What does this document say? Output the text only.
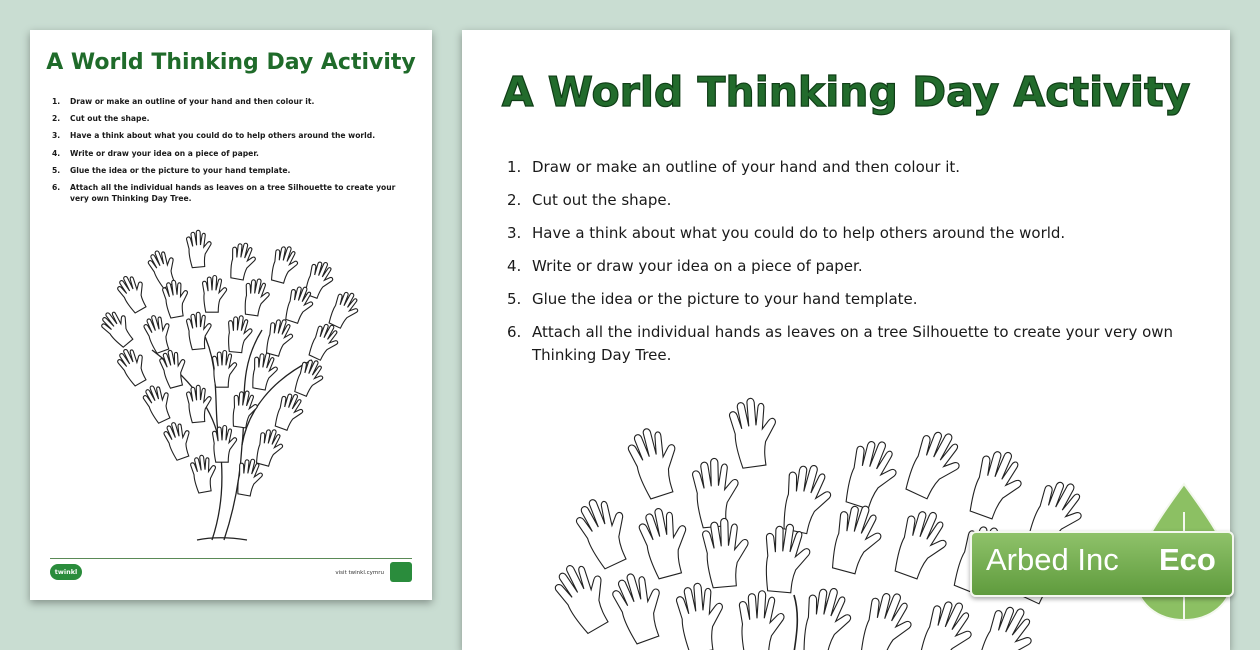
A World Thinking Day Activity
1. Draw or make an outline of your hand and then colour it.
2. Cut out the shape.
3. Have a think about what you could do to help others around the world.
4. Write or draw your idea on a piece of paper.
5. Glue the idea or the picture to your hand template.
6. Attach all the individual hands as leaves on a tree Silhouette to create your very own Thinking Day Tree.
twinkl	visit twinkl.cymru
A World Thinking Day Activity
1. Draw or make an outline of your hand and then colour it.
2. Cut out the shape.
3. Have a think about what you could do to help others around the world.
4. Write or draw your idea on a piece of paper.
5. Glue the idea or the picture to your hand template.
6. Attach all the individual hands as leaves on a tree Silhouette to create your very own Thinking Day Tree.
Arbed Inc Eco
